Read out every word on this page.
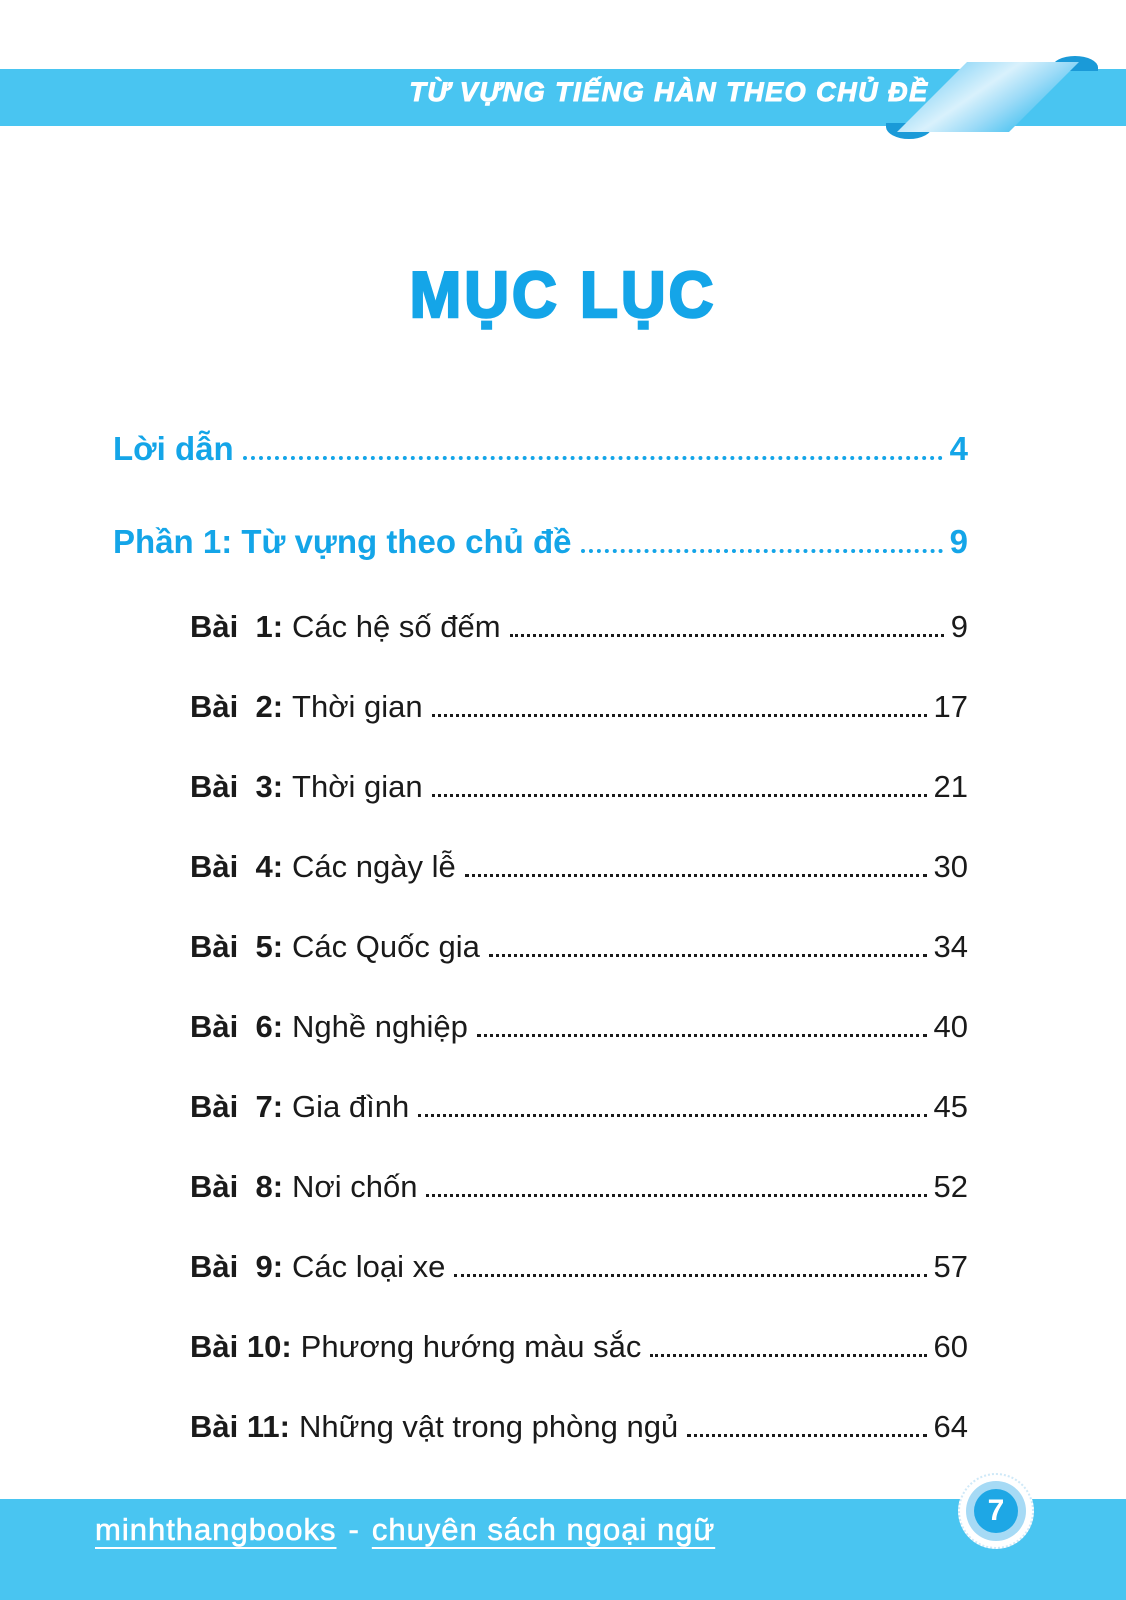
TỪ VỰNG TIẾNG HÀN THEO CHỦ ĐỀ
MỤC LỤC
Lời dẫn	4
Phần 1: Từ vựng theo chủ đề	9
Bài  1: Các hệ số đếm	9
Bài  2: Thời gian	17
Bài  3: Thời gian	21
Bài  4: Các ngày lễ	30
Bài  5: Các Quốc gia	34
Bài  6: Nghề nghiệp	40
Bài  7: Gia đình	45
Bài  8: Nơi chốn	52
Bài  9: Các loại xe	57
Bài 10: Phương hướng màu sắc	60
Bài 11: Những vật trong phòng ngủ	64
minhthangbooks - chuyên sách ngoại ngữ
7
